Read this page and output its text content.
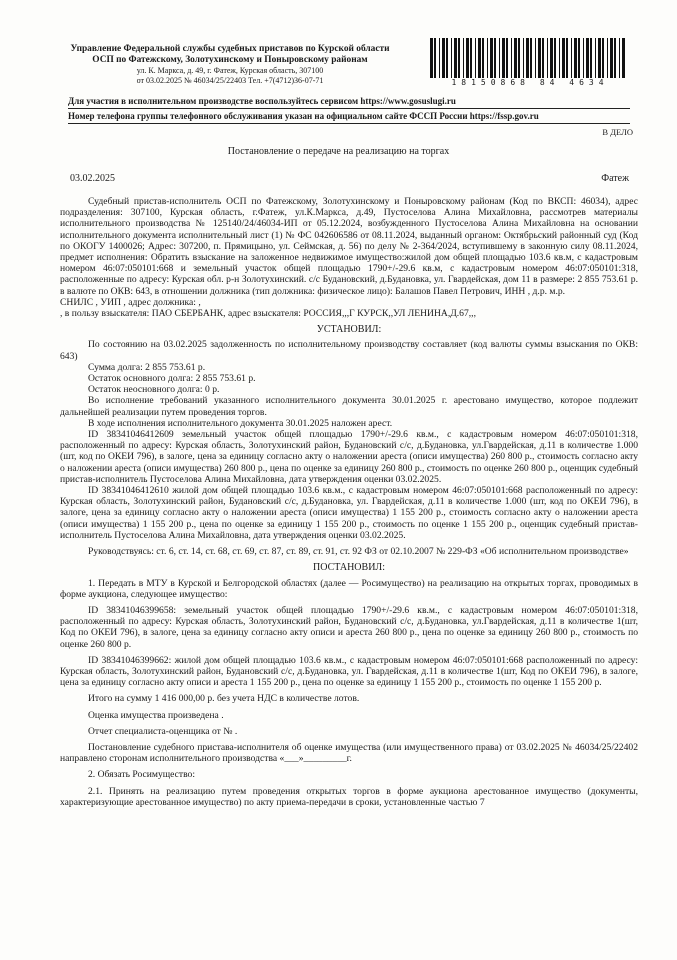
Управление Федеральной службы судебных приставов по Курской области
ОСП по Фатежскому, Золотухинскому и Поныровскому районам
ул. К. Маркса, д. 49, г. Фатеж, Курская область, 307100
от 03.02.2025 № 46034/25/22403 Тел. +7(4712)36-07-71	18150868 84 4634
Для участия в исполнительном производстве воспользуйтесь сервисом https://www.gosuslugi.ru
Номер телефона группы телефонного обслуживания указан на официальном сайте ФССП России https://fssp.gov.ru
В ДЕЛО
Постановление о передаче на реализацию на торгах
03.02.2025	Фатеж

Судебный пристав-исполнитель ОСП по Фатежскому, Золотухинскому и Поныровскому районам (Код по ВКСП: 46034), адрес подразделения: 307100, Курская область, г.Фатеж, ул.К.Маркса, д.49, Пустоселова Алина Михайловна, рассмотрев материалы исполнительного производства № 125140/24/46034-ИП от 05.12.2024, возбужденного Пустоселова Алина Михайловна на основании исполнительного документа исполнительный лист (1) № ФС 042606586 от 08.11.2024, выданный органом: Октябрьский районный суд (Код по ОКОГУ 1400026; Адрес: 307200, п. Прямицыно, ул. Сеймская, д. 56) по делу № 2-364/2024, вступившему в законную силу 08.11.2024, предмет исполнения: Обратить взыскание на заложенное недвижимое имущество:жилой дом общей площадью 103.6 кв.м, с кадастровым номером 46:07:050101:668 и земельный участок общей площадью 1790+/-29.6 кв.м, с кадастровым номером 46:07:050101:318, расположенные по адресу: Курская обл. р-н Золотухинский. с/с Будановский, д.Будановка, ул. Гвардейская, дом 11 в размере: 2 855 753.61 р. в валюте по ОКВ: 643, в отношении должника (тип должника: физическое лицо): Балашов Павел Петрович, ИНН , д.р. м.р.

СНИЛС , УИП , адрес должника: ,

, в пользу взыскателя: ПАО СБЕРБАНК, адрес взыскателя: РОССИЯ,,,Г КУРСК,,УЛ ЛЕНИНА,Д.67,,,

УСТАНОВИЛ:

По состоянию на 03.02.2025 задолженность по исполнительному производству составляет (код валюты суммы взыскания по ОКВ: 643)

Сумма долга: 2 855 753.61 р.

Остаток основного долга: 2 855 753.61 р.

Остаток неосновного долга: 0 р.

Во исполнение требований указанного исполнительного документа 30.01.2025 г. арестовано имущество, которое подлежит дальнейшей реализации путем проведения торгов.

В ходе исполнения исполнительного документа 30.01.2025 наложен арест.

ID 38341046412609 земельный участок общей площадью 1790+/-29.6 кв.м., с кадастровым номером 46:07:050101:318, расположенный по адресу: Курская область, Золотухинский район, Будановский с/с, д.Будановка, ул.Гвардейская, д.11 в количестве 1.000 (шт, код по ОКЕИ 796), в залоге, цена за единицу согласно акту о наложении ареста (описи имущества) 260 800 р., стоимость согласно акту о наложении ареста (описи имущества) 260 800 р., цена по оценке за единицу 260 800 р., стоимость по оценке 260 800 р., оценщик судебный пристав-исполнитель Пустоселова Алина Михайловна, дата утверждения оценки 03.02.2025.

ID 38341046412610 жилой дом общей площадью 103.6 кв.м., с кадастровым номером 46:07:050101:668 расположенный по адресу: Курская область, Золотухинский район, Будановский с/с, д.Будановка, ул. Гвардейская, д.11 в количестве 1.000 (шт, код по ОКЕИ 796), в залоге, цена за единицу согласно акту о наложении ареста (описи имущества) 1 155 200 р., стоимость согласно акту о наложении ареста (описи имущества) 1 155 200 р., цена по оценке за единицу 1 155 200 р., стоимость по оценке 1 155 200 р., оценщик судебный пристав-исполнитель Пустоселова Алина Михайловна, дата утверждения оценки 03.02.2025.

Руководствуясь: ст. 6, ст. 14, ст. 68, ст. 69, ст. 87, ст. 89, ст. 91, ст. 92 ФЗ от 02.10.2007 № 229-ФЗ «Об исполнительном производстве»

ПОСТАНОВИЛ:

1. Передать в МТУ в Курской и Белгородской областях (далее — Росимущество) на реализацию на открытых торгах, проводимых в форме аукциона, следующее имущество:

ID 38341046399658: земельный участок общей площадью 1790+/-29.6 кв.м., с кадастровым номером 46:07:050101:318, расположенный по адресу: Курская область, Золотухинский район, Будановский с/с, д.Будановка, ул.Гвардейская, д.11 в количестве 1(шт, Код по ОКЕИ 796), в залоге, цена за единицу согласно акту описи и ареста 260 800 р., цена по оценке за единицу 260 800 р., стоимость по оценке 260 800 р.

ID 38341046399662: жилой дом общей площадью 103.6 кв.м., с кадастровым номером 46:07:050101:668 расположенный по адресу: Курская область, Золотухинский район, Будановский с/с, д.Будановка, ул. Гвардейская, д.11 в количестве 1(шт, Код по ОКЕИ 796), в залоге, цена за единицу согласно акту описи и ареста 1 155 200 р., цена по оценке за единицу 1 155 200 р., стоимость по оценке 1 155 200 р.

Итого на сумму 1 416 000,00 р. без учета НДС в количестве лотов.

Оценка имущества произведена .

Отчет специалиста-оценщика от № .

Постановление судебного пристава-исполнителя об оценке имущества (или имущественного права) от 03.02.2025 № 46034/25/22402 направлено сторонам исполнительного производства «___»_________г.

2. Обязать Росимущество:

2.1. Принять на реализацию путем проведения открытых торгов в форме аукциона арестованное имущество (документы, характеризующие арестованное имущество) по акту приема-передачи в сроки, установленные частью 7
